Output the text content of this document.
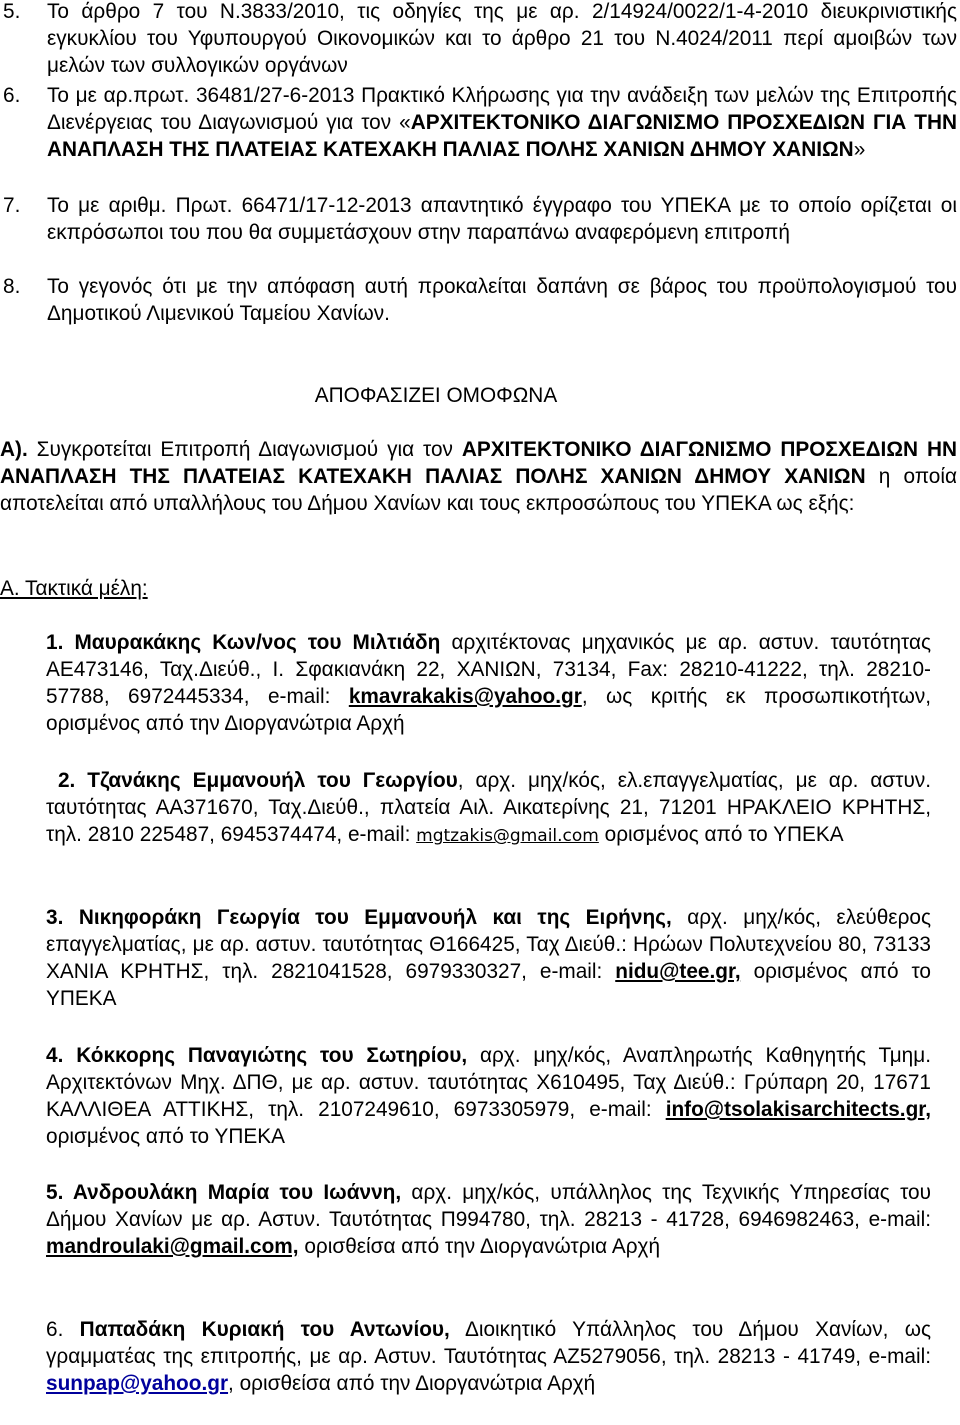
5. Το άρθρο 7 του Ν.3833/2010, τις οδηγίες της με αρ. 2/14924/0022/1-4-2010 διευκρινιστικής εγκυκλίου του Υφυπουργού Οικονομικών και το άρθρο 21 του Ν.4024/2011 περί αμοιβών των μελών των συλλογικών οργάνων
6. Το με αρ.πρωτ. 36481/27-6-2013 Πρακτικό Κλήρωσης για την ανάδειξη των μελών της Επιτροπής Διενέργειας του Διαγωνισμού για τον «ΑΡΧΙΤΕΚΤΟΝΙΚΟ ΔΙΑΓΩΝΙΣΜΟ ΠΡΟΣΧΕΔΙΩΝ ΓΙΑ ΤΗΝ ΑΝΑΠΛΑΣΗ ΤΗΣ ΠΛΑΤΕΙΑΣ ΚΑΤΕΧΑΚΗ ΠΑΛΙΑΣ ΠΟΛΗΣ ΧΑΝΙΩΝ ΔΗΜΟΥ ΧΑΝΙΩΝ»
7. Το με αριθμ. Πρωτ. 66471/17-12-2013 απαντητικό έγγραφο του ΥΠΕΚΑ με το οποίο ορίζεται οι εκπρόσωποι του που θα συμμετάσχουν στην παραπάνω αναφερόμενη επιτροπή
8. Το γεγονός ότι με την απόφαση αυτή προκαλείται δαπάνη σε βάρος του προϋπολογισμού του Δημοτικού Λιμενικού Ταμείου Χανίων.
ΑΠΟΦΑΣΙΖΕΙ ΟΜΟΦΩΝΑ
Α). Συγκροτείται Επιτροπή Διαγωνισμού για τον ΑΡΧΙΤΕΚΤΟΝΙΚΟ ΔΙΑΓΩΝΙΣΜΟ ΠΡΟΣΧΕΔΙΩΝ ΗΝ ΑΝΑΠΛΑΣΗ ΤΗΣ ΠΛΑΤΕΙΑΣ ΚΑΤΕΧΑΚΗ ΠΑΛΙΑΣ ΠΟΛΗΣ ΧΑΝΙΩΝ ΔΗΜΟΥ ΧΑΝΙΩΝ η οποία αποτελείται από υπαλλήλους του Δήμου Χανίων και τους εκπροσώπους του ΥΠΕΚΑ ως εξής:
Α. Τακτικά μέλη:
1. Μαυρακάκης Κων/νος του Μιλτιάδη αρχιτέκτονας μηχανικός με αρ. αστυν. ταυτότητας ΑΕ473146, Ταχ.Διεύθ., Ι. Σφακιανάκη 22, ΧΑΝΙΩΝ, 73134, Fax: 28210-41222, τηλ. 28210-57788, 6972445334, e-mail: kmavrakakis@yahoo.gr, ως κριτής εκ προσωπικοτήτων, ορισμένος από την Διοργανώτρια Αρχή
2. Τζανάκης Εμμανουήλ του Γεωργίου, αρχ. μηχ/κός, ελ.επαγγελματίας, με αρ. αστυν. ταυτότητας ΑΑ371670, Ταχ.Διεύθ., πλατεία Αιλ. Αικατερίνης 21, 71201 ΗΡΑΚΛΕΙΟ ΚΡΗΤΗΣ, τηλ. 2810 225487, 6945374474, e-mail: mgtzakis@gmail.com ορισμένος από το ΥΠΕΚΑ
3. Νικηφοράκη Γεωργία του Εμμανουήλ και της Ειρήνης, αρχ. μηχ/κός, ελεύθερος επαγγελματίας, με αρ. αστυν. ταυτότητας Θ166425, Ταχ Διεύθ.: Ηρώων Πολυτεχνείου 80, 73133 ΧΑΝΙΑ ΚΡΗΤΗΣ, τηλ. 2821041528, 6979330327, e-mail: nidu@tee.gr, ορισμένος από το ΥΠΕΚΑ
4. Κόκκορης Παναγιώτης του Σωτηρίου, αρχ. μηχ/κός, Αναπληρωτής Καθηγητής Τμημ. Αρχιτεκτόνων Μηχ. ΔΠΘ, με αρ. αστυν. ταυτότητας Χ610495, Ταχ Διεύθ.: Γρύπαρη 20, 17671 ΚΑΛΛΙΘΕΑ ΑΤΤΙΚΗΣ, τηλ. 2107249610, 6973305979, e-mail: info@tsolakisarchitects.gr, ορισμένος από το ΥΠΕΚΑ
5. Ανδρουλάκη Μαρία του Ιωάννη, αρχ. μηχ/κός, υπάλληλος της Τεχνικής Υπηρεσίας του Δήμου Χανίων με αρ. Αστυν. Ταυτότητας Π994780, τηλ. 28213 - 41728, 6946982463, e-mail: mandroulaki@gmail.com, ορισθείσα από την Διοργανώτρια Αρχή
6. Παπαδάκη Κυριακή του Αντωνίου, Διοικητικό Υπάλληλος του Δήμου Χανίων, ως γραμματέας της επιτροπής, με αρ. Αστυν. Ταυτότητας ΑΖ5279056, τηλ. 28213 - 41749, e-mail: sunpap@yahoo.gr, ορισθείσα από την Διοργανώτρια Αρχή
